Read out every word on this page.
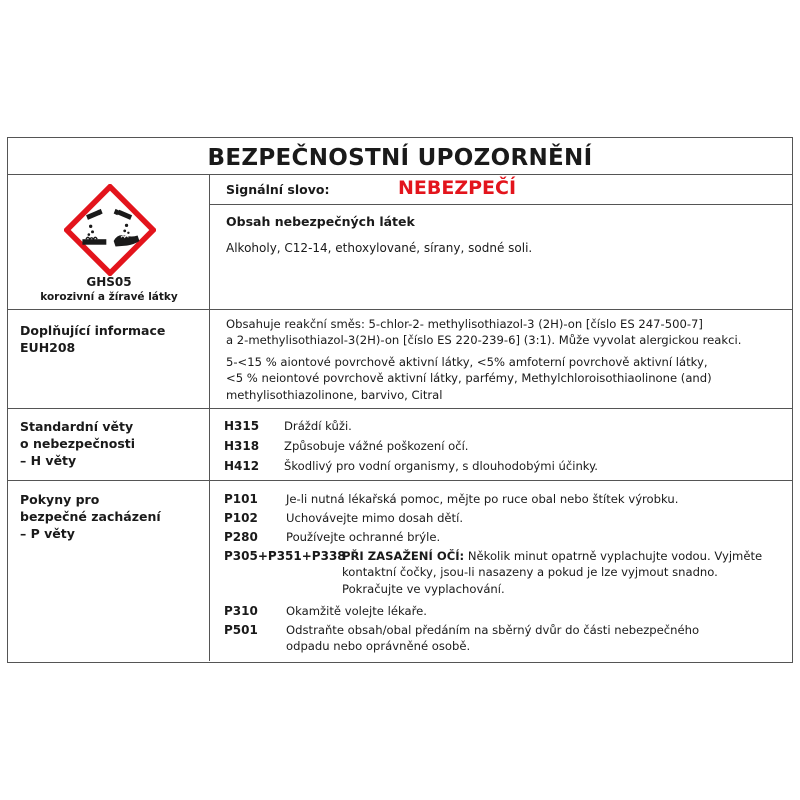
BEZPEČNOSTNÍ UPOZORNĚNÍ
GHS05
korozivní a žíravé látky
Signální slovo:	NEBEZPEČÍ
Obsah nebezpečných látek
Alkoholy, C12-14, ethoxylované, sírany, sodné soli.
Doplňující informace
EUH208
Obsahuje reakční směs: 5-chlor-2- methylisothiazol-3 (2H)-on [číslo ES 247-500-7]
a 2-methylisothiazol-3(2H)-on [číslo ES 220-239-6] (3:1). Může vyvolat alergickou reakci.
5-<15 % aiontové povrchově aktivní látky, <5% amfoterní povrchově aktivní látky,
<5 % neiontové povrchově aktivní látky, parfémy, Methylchloroisothiaolinone (and)
methylisothiazolinone, barvivo, Citral
Standardní věty
o nebezpečnosti
– H věty
H315 Dráždí kůži.
H318 Způsobuje vážné poškození očí.
H412 Škodlivý pro vodní organismy, s dlouhodobými účinky.
Pokyny pro
bezpečné zacházení
– P věty
P101 Je-li nutná lékařská pomoc, mějte po ruce obal nebo štítek výrobku.
P102 Uchovávejte mimo dosah dětí.
P280 Používejte ochranné brýle.
P305+P351+P338
PŘI ZASAŽENÍ OČÍ: Několik minut opatrně vyplachujte vodou. Vyjměte
kontaktní čočky, jsou-li nasazeny a pokud je lze vyjmout snadno.
Pokračujte ve vyplachování.
P310 Okamžitě volejte lékaře.
P501 Odstraňte obsah/obal předáním na sběrný dvůr do části nebezpečného
odpadu nebo oprávněné osobě.
